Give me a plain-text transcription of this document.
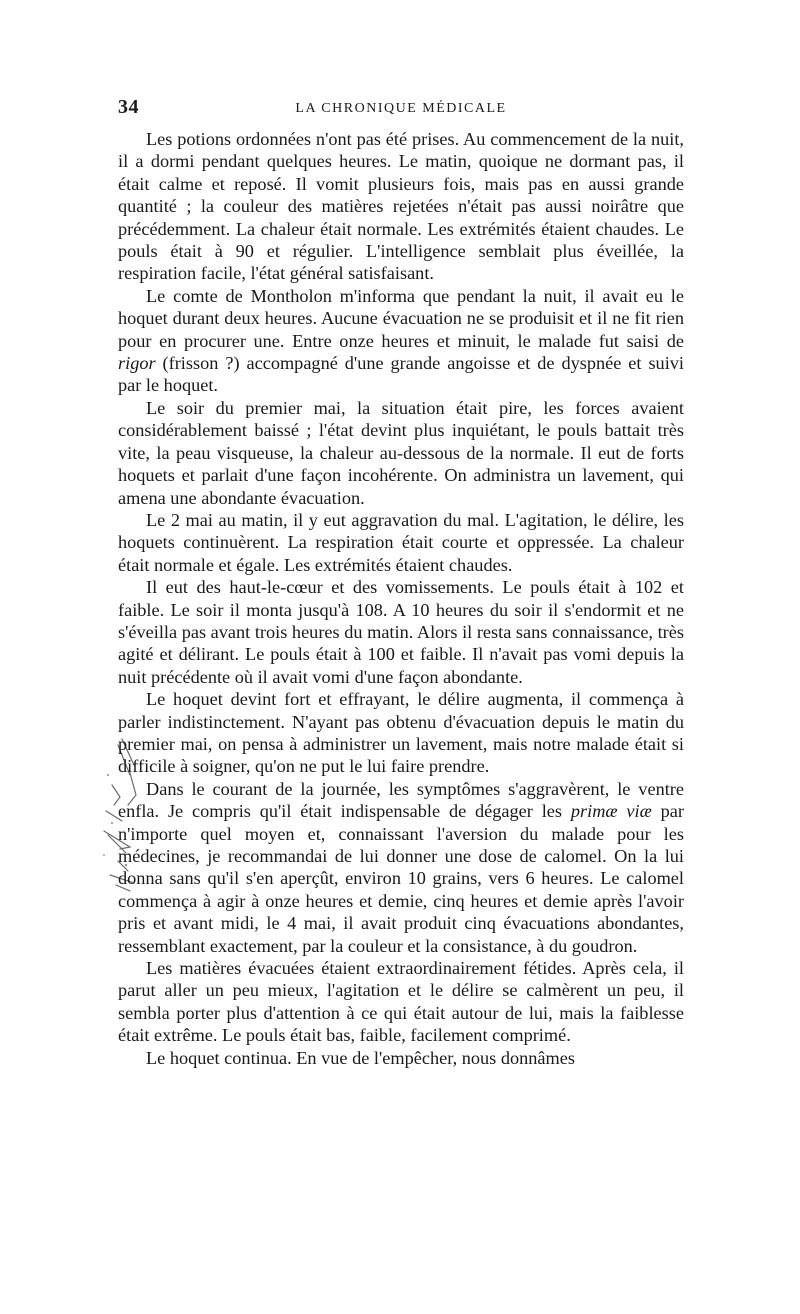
34	LA CHRONIQUE MÉDICALE

Les potions ordonnées n'ont pas été prises. Au commencement de la nuit, il a dormi pendant quelques heures. Le matin, quoique ne dormant pas, il était calme et reposé. Il vomit plusieurs fois, mais pas en aussi grande quantité ; la couleur des matières rejetées n'était pas aussi noirâtre que précédemment. La chaleur était normale. Les extrémités étaient chaudes. Le pouls était à 90 et régulier. L'intelligence semblait plus éveillée, la respiration facile, l'état général satisfaisant.

Le comte de Montholon m'informa que pendant la nuit, il avait eu le hoquet durant deux heures. Aucune évacuation ne se produisit et il ne fit rien pour en procurer une. Entre onze heures et minuit, le malade fut saisi de rigor (frisson ?) accompagné d'une grande angoisse et de dyspnée et suivi par le hoquet.

Le soir du premier mai, la situation était pire, les forces avaient considérablement baissé ; l'état devint plus inquiétant, le pouls battait très vite, la peau visqueuse, la chaleur au-dessous de la normale. Il eut de forts hoquets et parlait d'une façon incohérente. On administra un lavement, qui amena une abondante évacuation.

Le 2 mai au matin, il y eut aggravation du mal. L'agitation, le délire, les hoquets continuèrent. La respiration était courte et oppressée. La chaleur était normale et égale. Les extrémités étaient chaudes.

Il eut des haut-le-cœur et des vomissements. Le pouls était à 102 et faible. Le soir il monta jusqu'à 108. A 10 heures du soir il s'endormit et ne s'éveilla pas avant trois heures du matin. Alors il resta sans connaissance, très agité et délirant. Le pouls était à 100 et faible. Il n'avait pas vomi depuis la nuit précédente où il avait vomi d'une façon abondante.

Le hoquet devint fort et effrayant, le délire augmenta, il commença à parler indistinctement. N'ayant pas obtenu d'évacuation depuis le matin du premier mai, on pensa à administrer un lavement, mais notre malade était si difficile à soigner, qu'on ne put le lui faire prendre.

Dans le courant de la journée, les symptômes s'aggravèrent, le ventre enfla. Je compris qu'il était indispensable de dégager les primæ viæ par n'importe quel moyen et, connaissant l'aversion du malade pour les médecines, je recommandai de lui donner une dose de calomel. On la lui donna sans qu'il s'en aperçût, environ 10 grains, vers 6 heures. Le calomel commença à agir à onze heures et demie, cinq heures et demie après l'avoir pris et avant midi, le 4 mai, il avait produit cinq évacuations abondantes, ressemblant exactement, par la couleur et la consistance, à du goudron.

Les matières évacuées étaient extraordinairement fétides. Après cela, il parut aller un peu mieux, l'agitation et le délire se calmèrent un peu, il sembla porter plus d'attention à ce qui était autour de lui, mais la faiblesse était extrême. Le pouls était bas, faible, facilement comprimé.

Le hoquet continua. En vue de l'empêcher, nous donnâmes
